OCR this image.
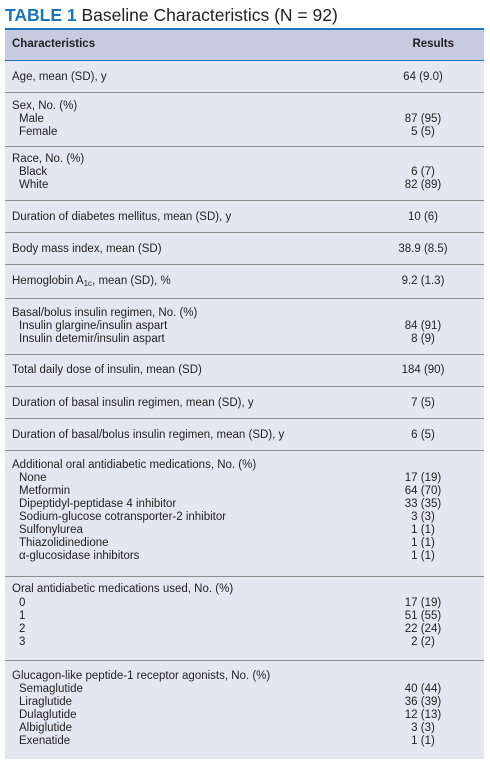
TABLE 1 Baseline Characteristics (N = 92)
Characteristics	Results
Age, mean (SD), y	64 (9.0)
Sex, No. (%)
Male	87 (95)
Female	5 (5)
Race, No. (%)
Black	6 (7)
White	82 (89)
Duration of diabetes mellitus, mean (SD), y	10 (6)
Body mass index, mean (SD)	38.9 (8.5)
Hemoglobin $A_{1c}$, mean (SD), %	9.2 (1.3)
Basal/bolus insulin regimen, No. (%)
Insulin glargine/insulin aspart	84 (91)
Insulin detemir/insulin aspart	8 (9)
Total daily dose of insulin, mean (SD)	184 (90)
Duration of basal insulin regimen, mean (SD), y	7 (5)
Duration of basal/bolus insulin regimen, mean (SD), y	6 (5)
Additional oral antidiabetic medications, No. (%)
None	17 (19)
Metformin	64 (70)
Dipeptidyl-peptidase 4 inhibitor	33 (35)
Sodium-glucose cotransporter-2 inhibitor	3 (3)
Sulfonylurea	1 (1)
Thiazolidinedione	1 (1)
α-glucosidase inhibitors	1 (1)
Oral antidiabetic medications used, No. (%)
0	17 (19)
1	51 (55)
2	22 (24)
3	2 (2)
Glucagon-like peptide-1 receptor agonists, No. (%)
Semaglutide	40 (44)
Liraglutide	36 (39)
Dulaglutide	12 (13)
Albiglutide	3 (3)
Exenatide	1 (1)
